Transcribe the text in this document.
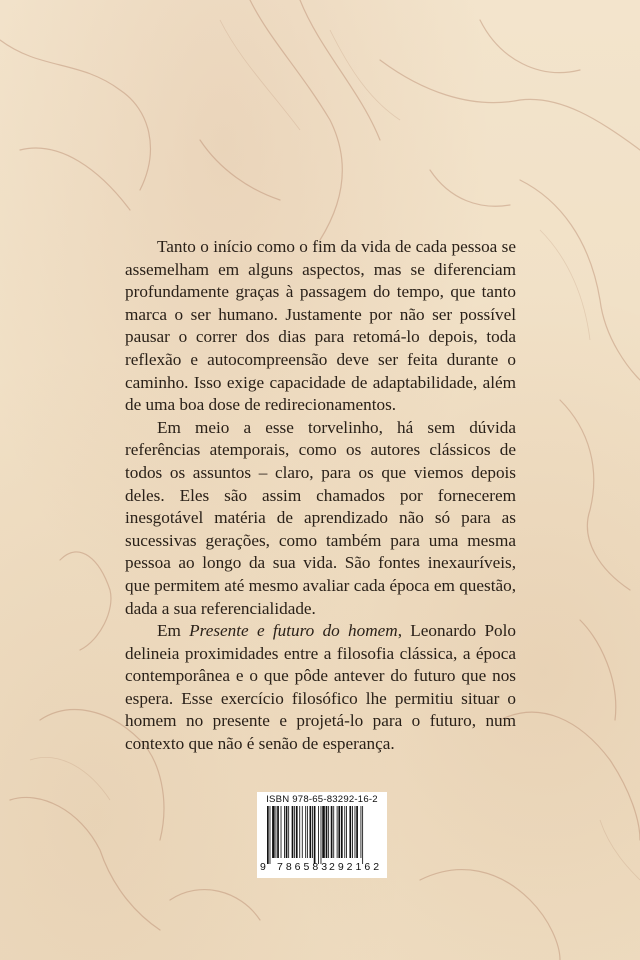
Tanto o início como o fim da vida de cada pessoa se assemelham em alguns aspectos, mas se diferenciam profundamente graças à passagem do tempo, que tanto marca o ser humano. Justamente por não ser possível pausar o correr dos dias para retomá-lo depois, toda reflexão e autocompreensão deve ser feita durante o caminho. Isso exige capacidade de adaptabilidade, além de uma boa dose de redirecionamentos.

Em meio a esse torvelinho, há sem dúvida referências atemporais, como os autores clássicos de todos os assuntos – claro, para os que viemos depois deles. Eles são assim chamados por fornecerem inesgotável matéria de aprendizado não só para as sucessivas gerações, como também para uma mesma pessoa ao longo da sua vida. São fontes inexauríveis, que permitem até mesmo avaliar cada época em questão, dada a sua referencialidade.

Em Presente e futuro do homem, Leonardo Polo delineia proximidades entre a filosofia clássica, a época contemporânea e o que pôde antever do futuro que nos espera. Esse exercício filosófico lhe permitiu situar o homem no presente e projetá-lo para o futuro, num contexto que não é senão de esperança.

ISBN 978-65-83292-16-2
9 786583
292162
